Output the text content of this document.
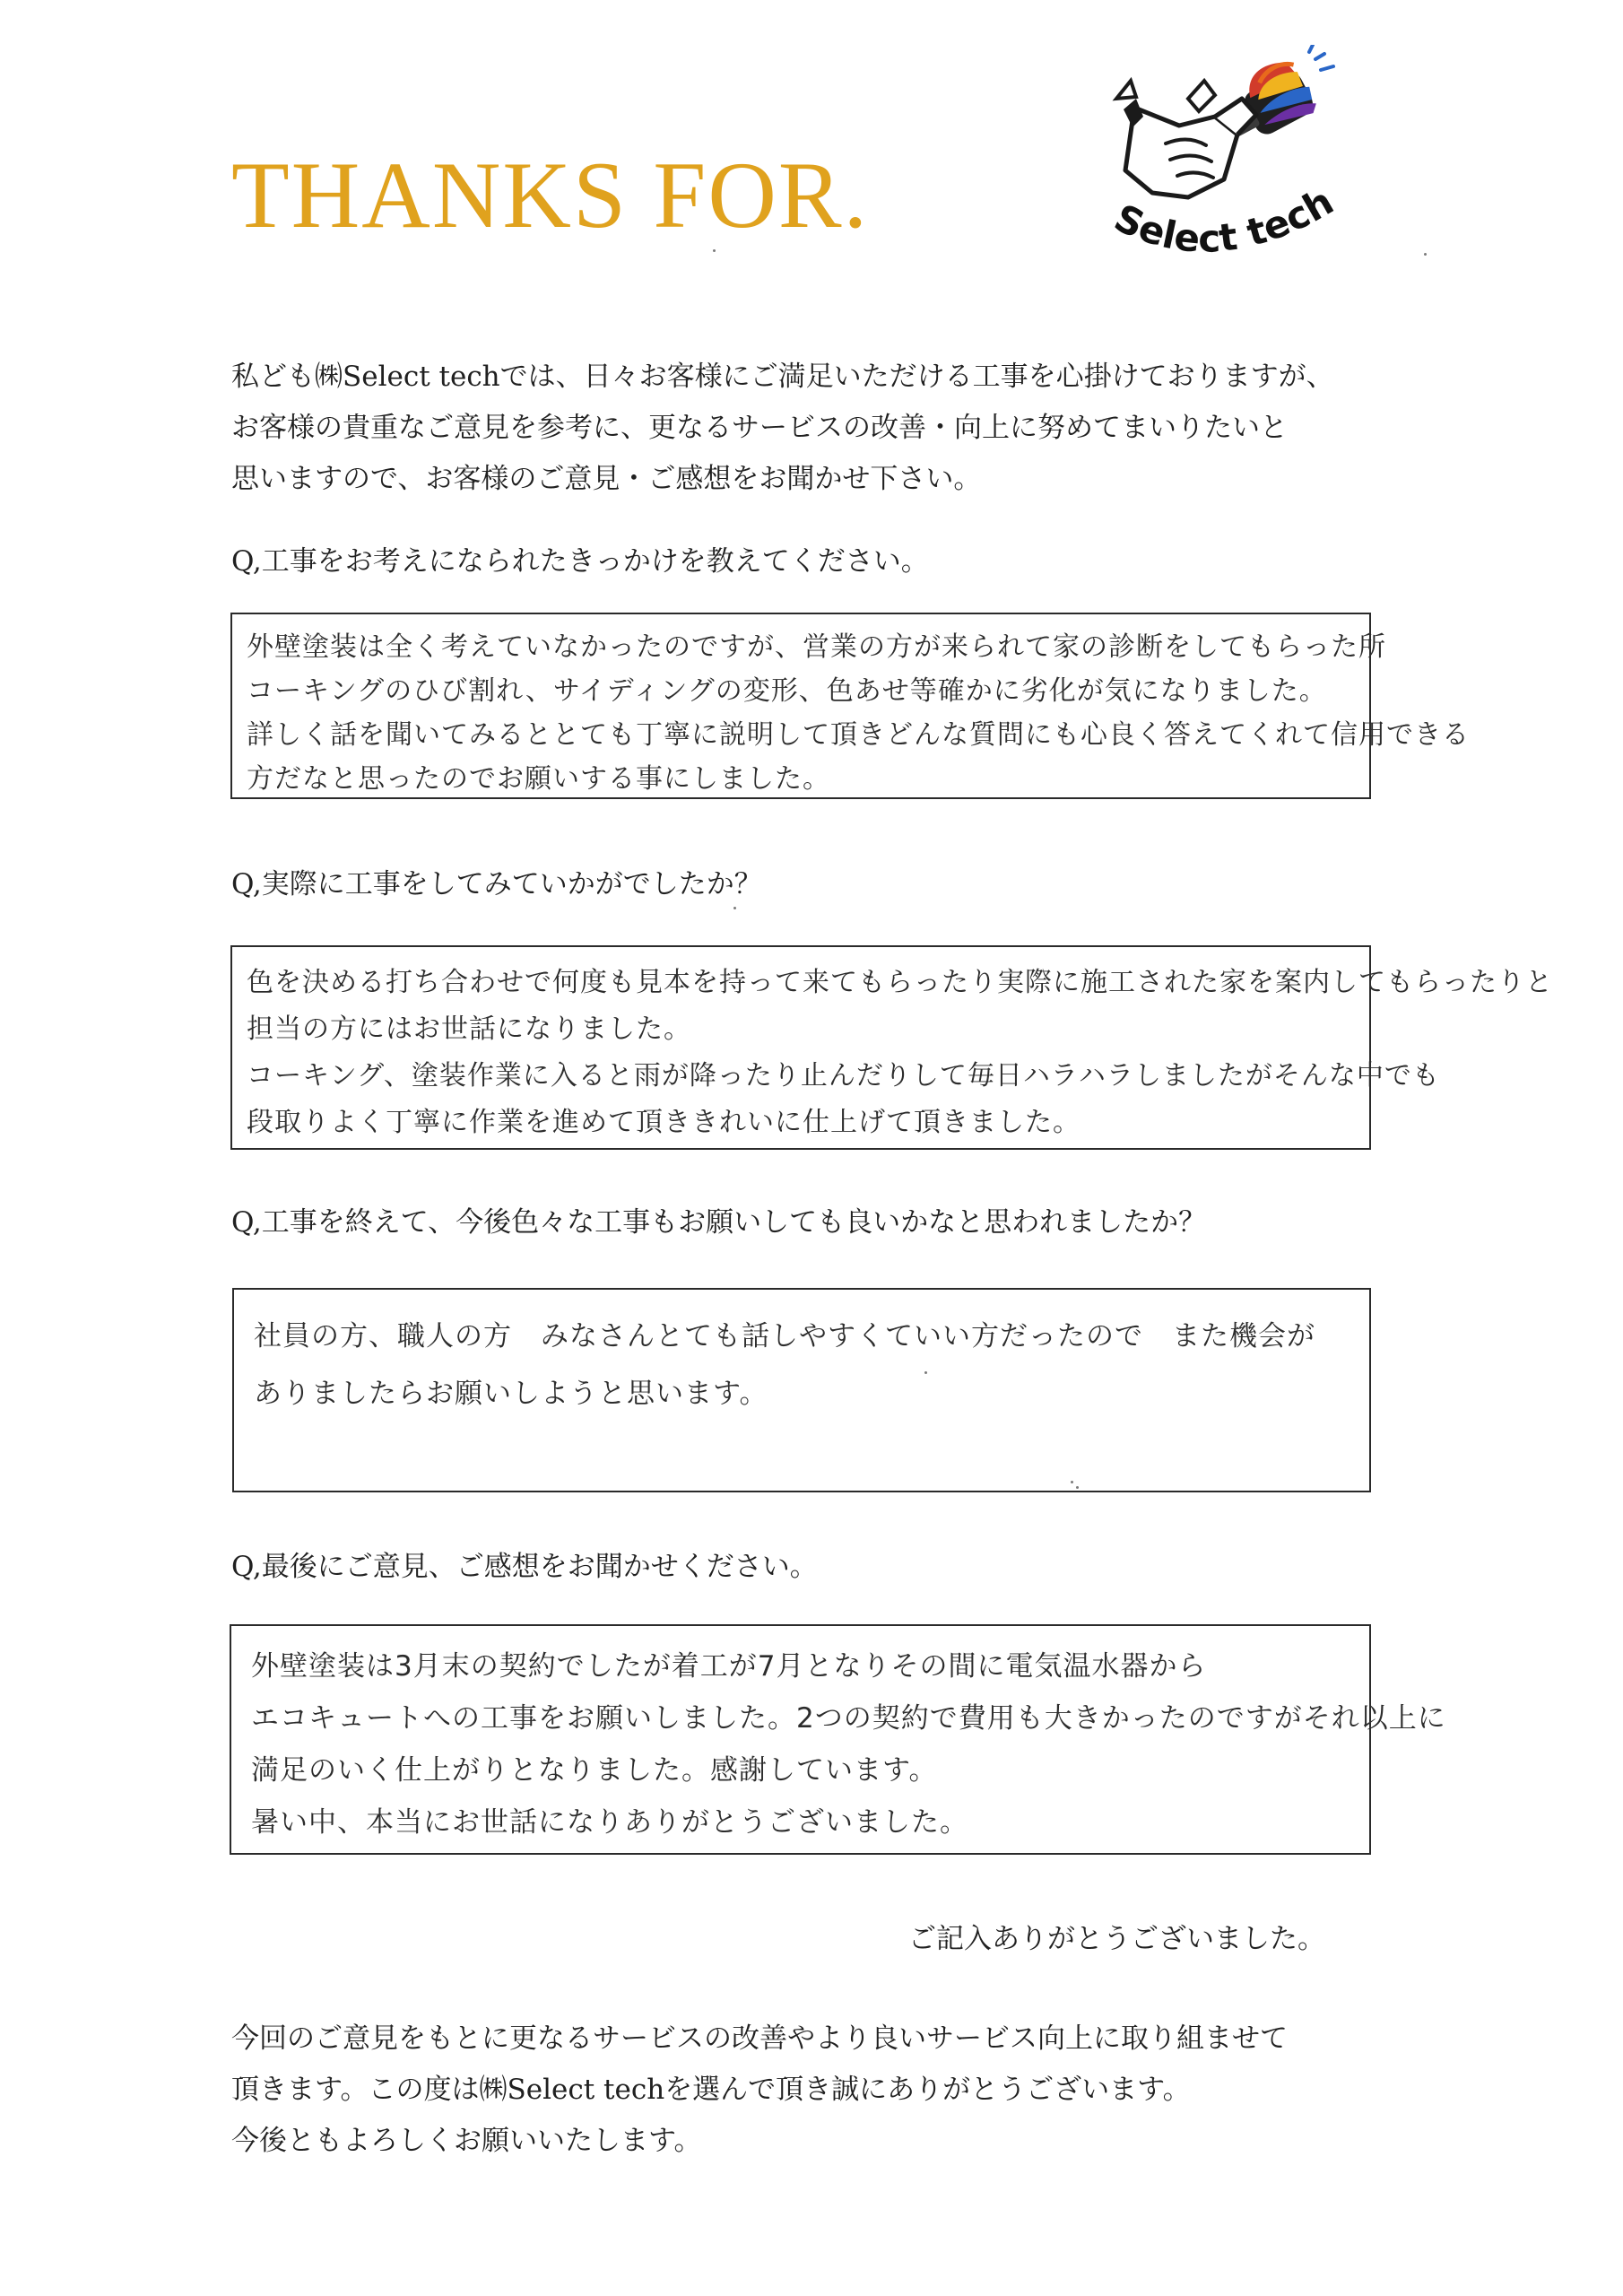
THANKS FOR.	Select tech

私ども㈱Select techでは、日々お客様にご満足いただける工事を心掛けておりますが、

お客様の貴重なご意見を参考に、更なるサービスの改善・向上に努めてまいりたいと

思いますので、お客様のご意見・ご感想をお聞かせ下さい。

Q,工事をお考えになられたきっかけを教えてください。

外壁塗装は全く考えていなかったのですが、営業の方が来られて家の診断をしてもらった所

コーキングのひび割れ、サイディングの変形、色あせ等確かに劣化が気になりました。

詳しく話を聞いてみるととても丁寧に説明して頂きどんな質問にも心良く答えてくれて信用できる

方だなと思ったのでお願いする事にしました。

Q,実際に工事をしてみていかがでしたか？

色を決める打ち合わせで何度も見本を持って来てもらったり実際に施工された家を案内してもらったりと

担当の方にはお世話になりました。

コーキング、塗装作業に入ると雨が降ったり止んだりして毎日ハラハラしましたがそんな中でも

段取りよく丁寧に作業を進めて頂ききれいに仕上げて頂きました。

Q,工事を終えて、今後色々な工事もお願いしても良いかなと思われましたか？

社員の方、職人の方　みなさんとても話しやすくていい方だったので　また機会が

ありましたらお願いしようと思います。

Q,最後にご意見、ご感想をお聞かせください。

外壁塗装は3月末の契約でしたが着工が7月となりその間に電気温水器から

エコキュートへの工事をお願いしました。2つの契約で費用も大きかったのですがそれ以上に

満足のいく仕上がりとなりました。感謝しています。

暑い中、本当にお世話になりありがとうございました。

ご記入ありがとうございました。

今回のご意見をもとに更なるサービスの改善やより良いサービス向上に取り組ませて

頂きます。この度は㈱Select techを選んで頂き誠にありがとうございます。

今後ともよろしくお願いいたします。
